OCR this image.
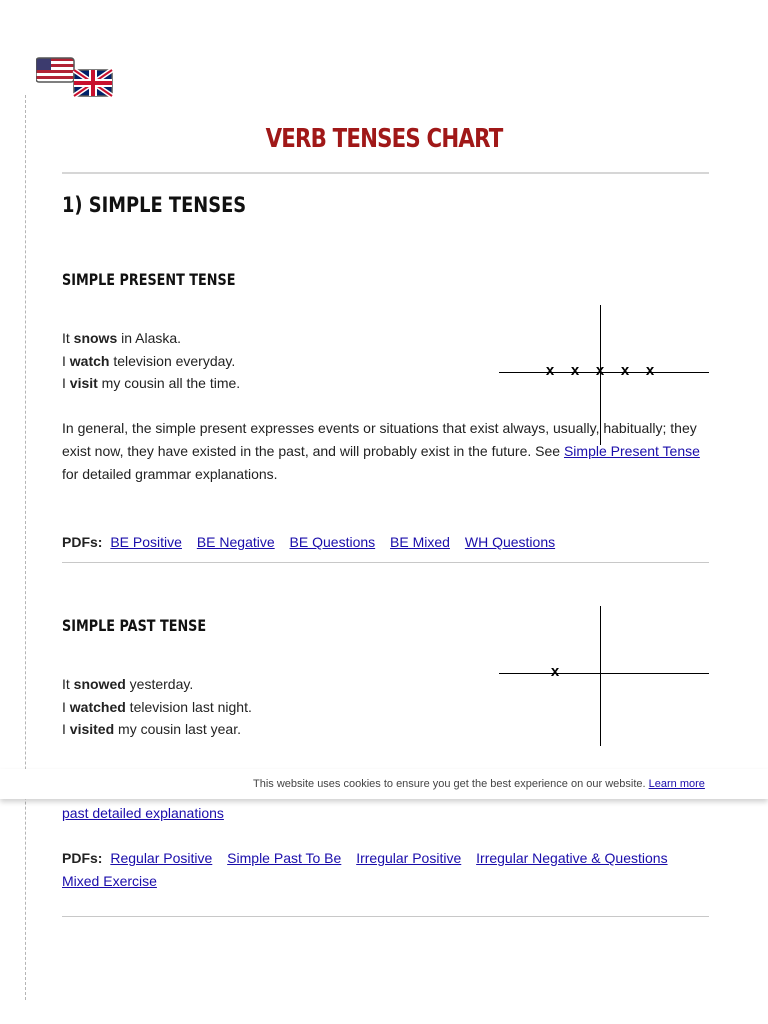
VERB TENSES CHART
1) SIMPLE TENSES
SIMPLE PRESENT TENSE
It snows in Alaska.
I watch television everyday.
I visit my cousin all the time.
x x x x x
In general, the simple present expresses events or situations that exist always, usually, habitually; they exist now, they have existed in the past, and will probably exist in the future. See Simple Present Tense for detailed grammar explanations.
PDFs: BE Positive BE Negative BE Questions BE Mixed WH Questions
SIMPLE PAST TENSE
It snowed yesterday.
I watched television last night.
I visited my cousin last year.
x
past detailed explanations
PDFs: Regular Positive Simple Past To Be Irregular Positive Irregular Negative & Questions Mixed Exercise
This website uses cookies to ensure you get the best experience on our website. Learn more
